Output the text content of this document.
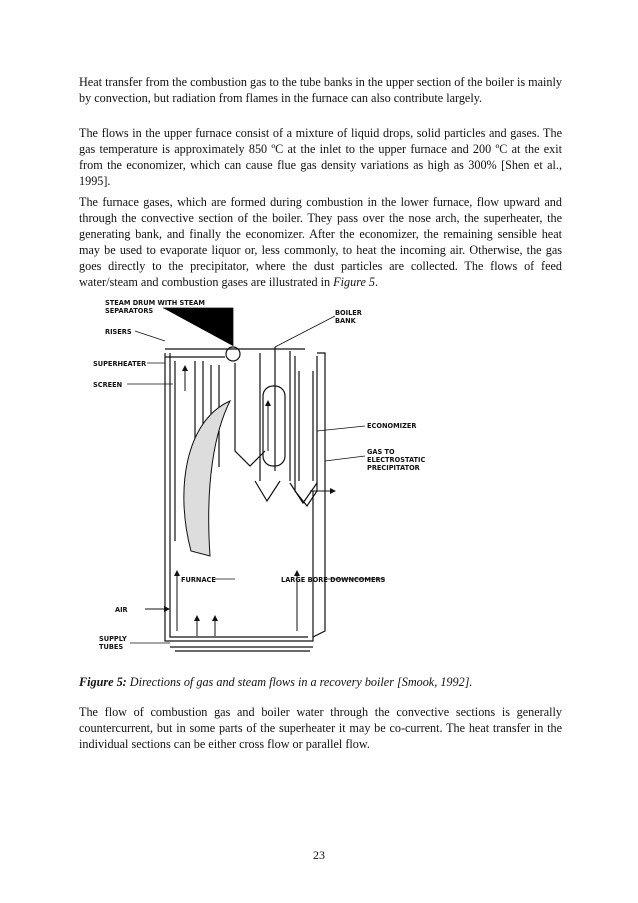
Heat transfer from the combustion gas to the tube banks in the upper section of the boiler is mainly by convection, but radiation from flames in the furnace can also contribute largely.

The flows in the upper furnace consist of a mixture of liquid drops, solid particles and gases. The gas temperature is approximately 850 ºC at the inlet to the upper furnace and 200 ºC at the exit from the economizer, which can cause flue gas density variations as high as 300% [Shen et al., 1995].

The furnace gases, which are formed during combustion in the lower furnace, flow upward and through the convective section of the boiler. They pass over the nose arch, the superheater, the generating bank, and finally the economizer. After the economizer, the remaining sensible heat may be used to evaporate liquor or, less commonly, to heat the incoming air. Otherwise, the gas goes directly to the precipitator, where the dust particles are collected. The flows of feed water/steam and combustion gases are illustrated in Figure 5.

STEAM DRUM WITH STEAM
SEPARATORS
RISERS
SUPERHEATER
SCREEN
BOILER
BANK
ECONOMIZER
GAS TO
ELECTROSTATIC
PRECIPITATOR
FURNACE	LARGE BORE DOWNCOMERS
AIR
SUPPLY
TUBES

Figure 5: Directions of gas and steam flows in a recovery boiler [Smook, 1992].

The flow of combustion gas and boiler water through the convective sections is generally countercurrent, but in some parts of the superheater it may be co-current. The heat transfer in the individual sections can be either cross flow or parallel flow.

23
